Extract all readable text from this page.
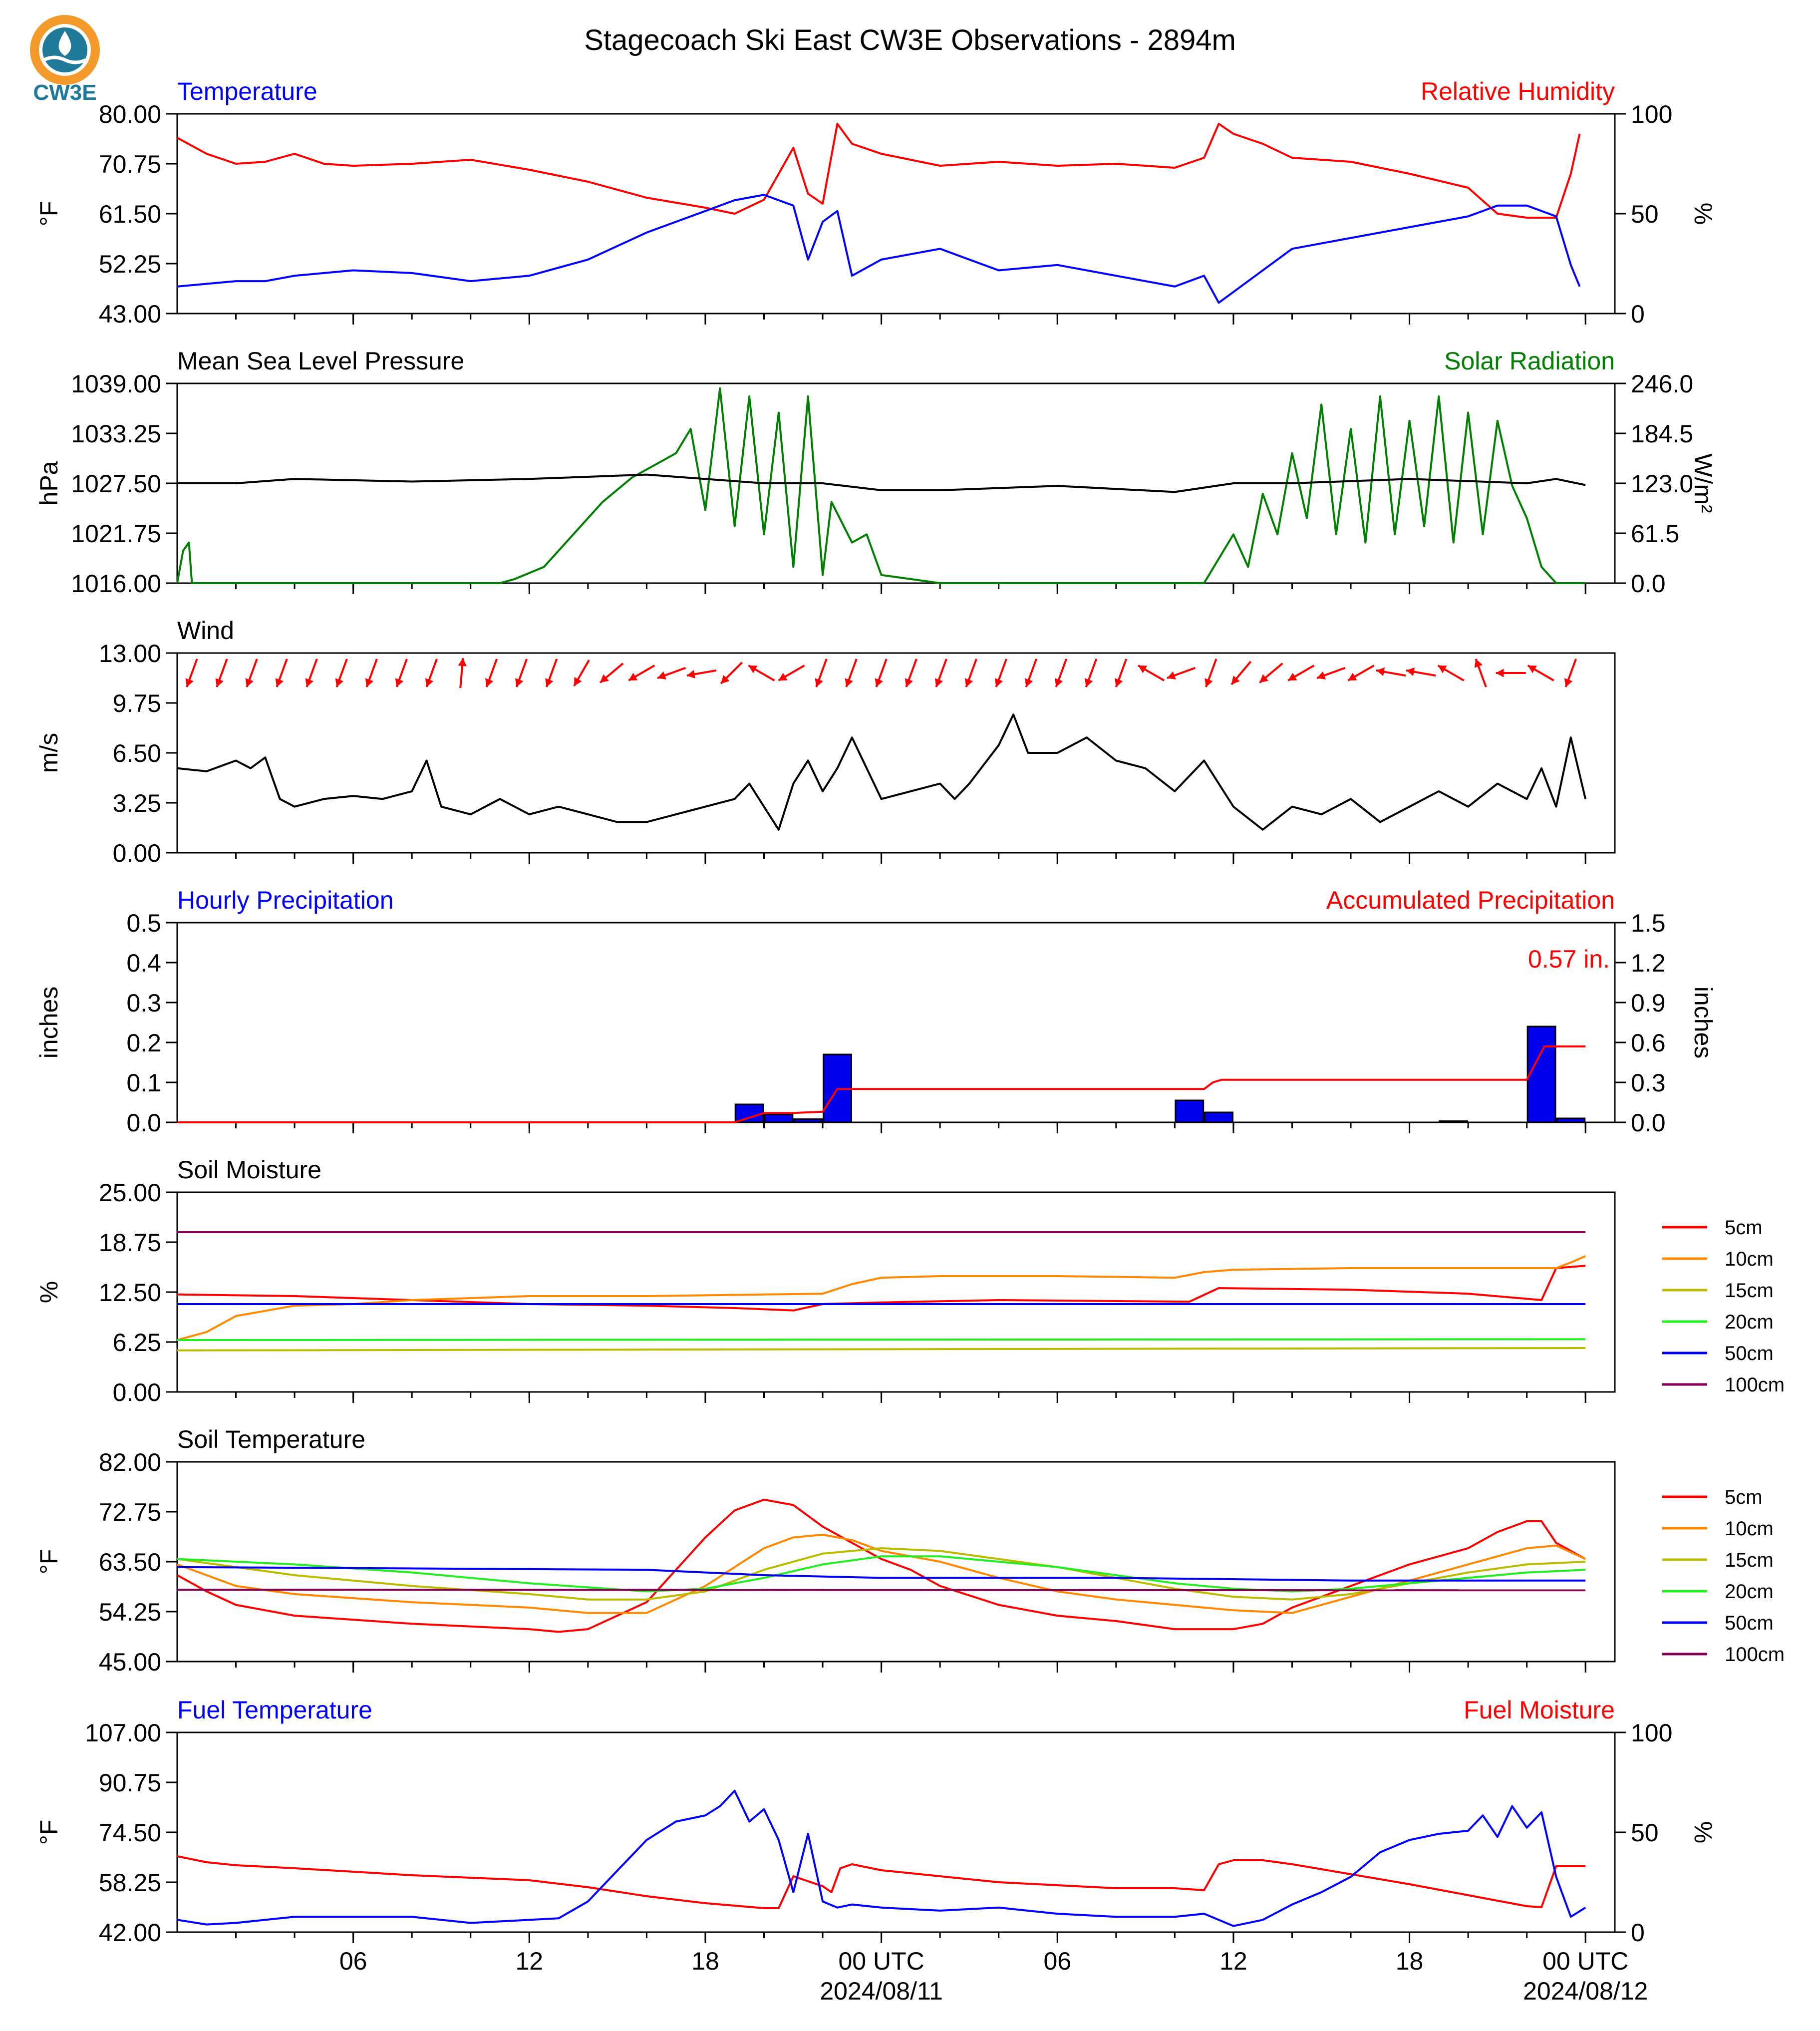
CW3E
Stagecoach Ski East CW3E Observations - 2894m
80.00
70.75
61.50
52.25
43.00
100
50
0
Temperature	Relative Humidity
°F	%
1039.00
1033.25
1027.50
1021.75
1016.00
246.0
184.5
123.0
61.5
0.0
Mean Sea Level Pressure	Solar Radiation
hPa	W/m²
13.00
9.75
6.50
3.25
0.00
Wind
m/s
0.5
0.4
0.3
0.2
0.1
0.0
1.5
1.2
0.9
0.6
0.3
0.0
Hourly Precipitation	Accumulated Precipitation
inches	inches
0.57 in.
25.00
18.75
12.50
6.25
0.00
Soil Moisture
%
5cm
10cm
15cm
20cm
50cm
100cm
82.00
72.75
63.50
54.25
45.00
Soil Temperature
°F
5cm
10cm
15cm
20cm
50cm
100cm
107.00
90.75
74.50
58.25
42.00
100
50
0
Fuel Temperature	Fuel Moisture
°F	%
06	12	18	00 UTC	06	12	18	00 UTC
2024/08/11	2024/08/12
